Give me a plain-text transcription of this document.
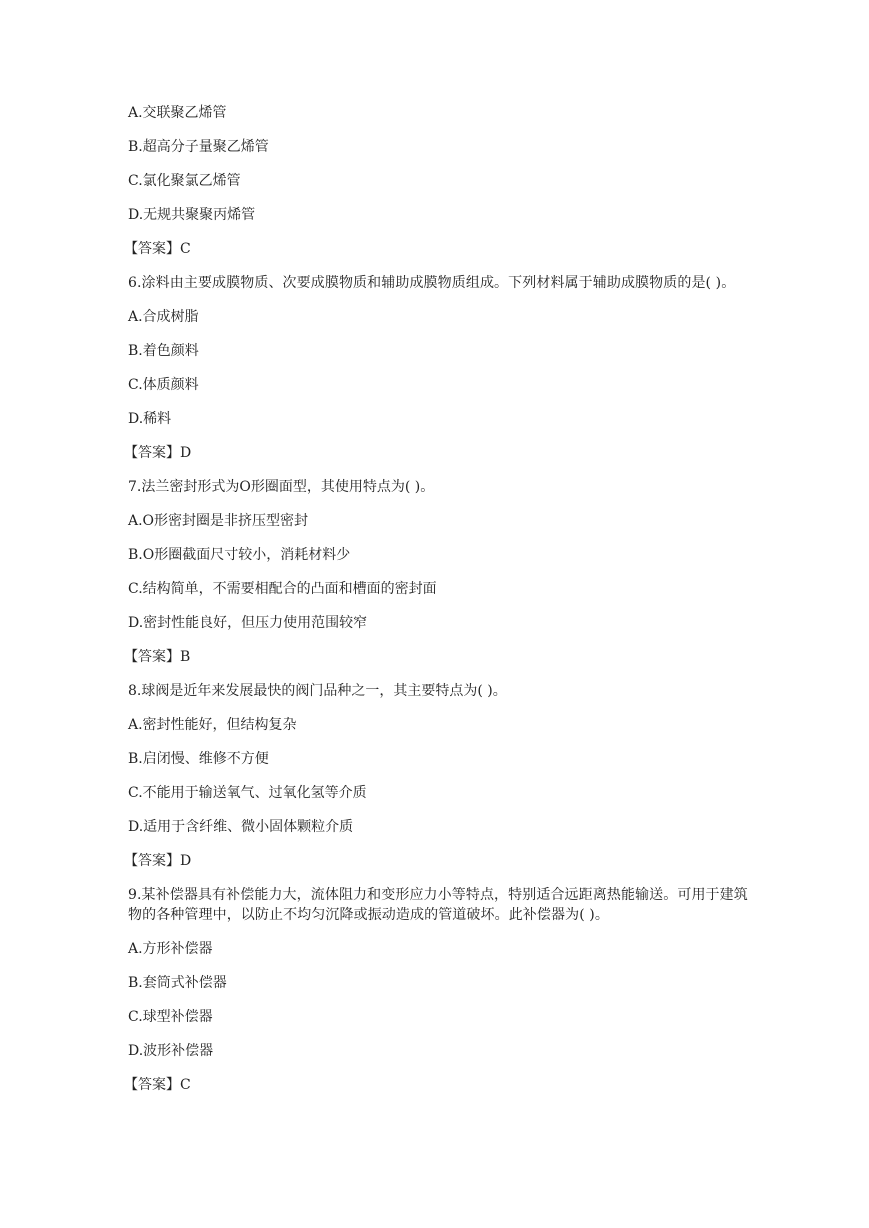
A.交联聚乙烯管

B.超高分子量聚乙烯管

C.氯化聚氯乙烯管

D.无规共聚聚丙烯管

【答案】C

6.涂料由主要成膜物质、次要成膜物质和辅助成膜物质组成。下列材料属于辅助成膜物质的是( )。

A.合成树脂

B.着色颜料

C.体质颜料

D.稀料

【答案】D

7.法兰密封形式为O形圈面型，其使用特点为( )。

A.O形密封圈是非挤压型密封

B.O形圈截面尺寸较小，消耗材料少

C.结构简单，不需要相配合的凸面和槽面的密封面

D.密封性能良好，但压力使用范围较窄

【答案】B

8.球阀是近年来发展最快的阀门品种之一，其主要特点为( )。

A.密封性能好，但结构复杂

B.启闭慢、维修不方便

C.不能用于输送氧气、过氧化氢等介质

D.适用于含纤维、微小固体颗粒介质

【答案】D

9.某补偿器具有补偿能力大，流体阻力和变形应力小等特点，特别适合远距离热能输送。可用于建筑物的各种管理中，以防止不均匀沉降或振动造成的管道破坏。此补偿器为( )。

A.方形补偿器

B.套筒式补偿器

C.球型补偿器

D.波形补偿器

【答案】C
